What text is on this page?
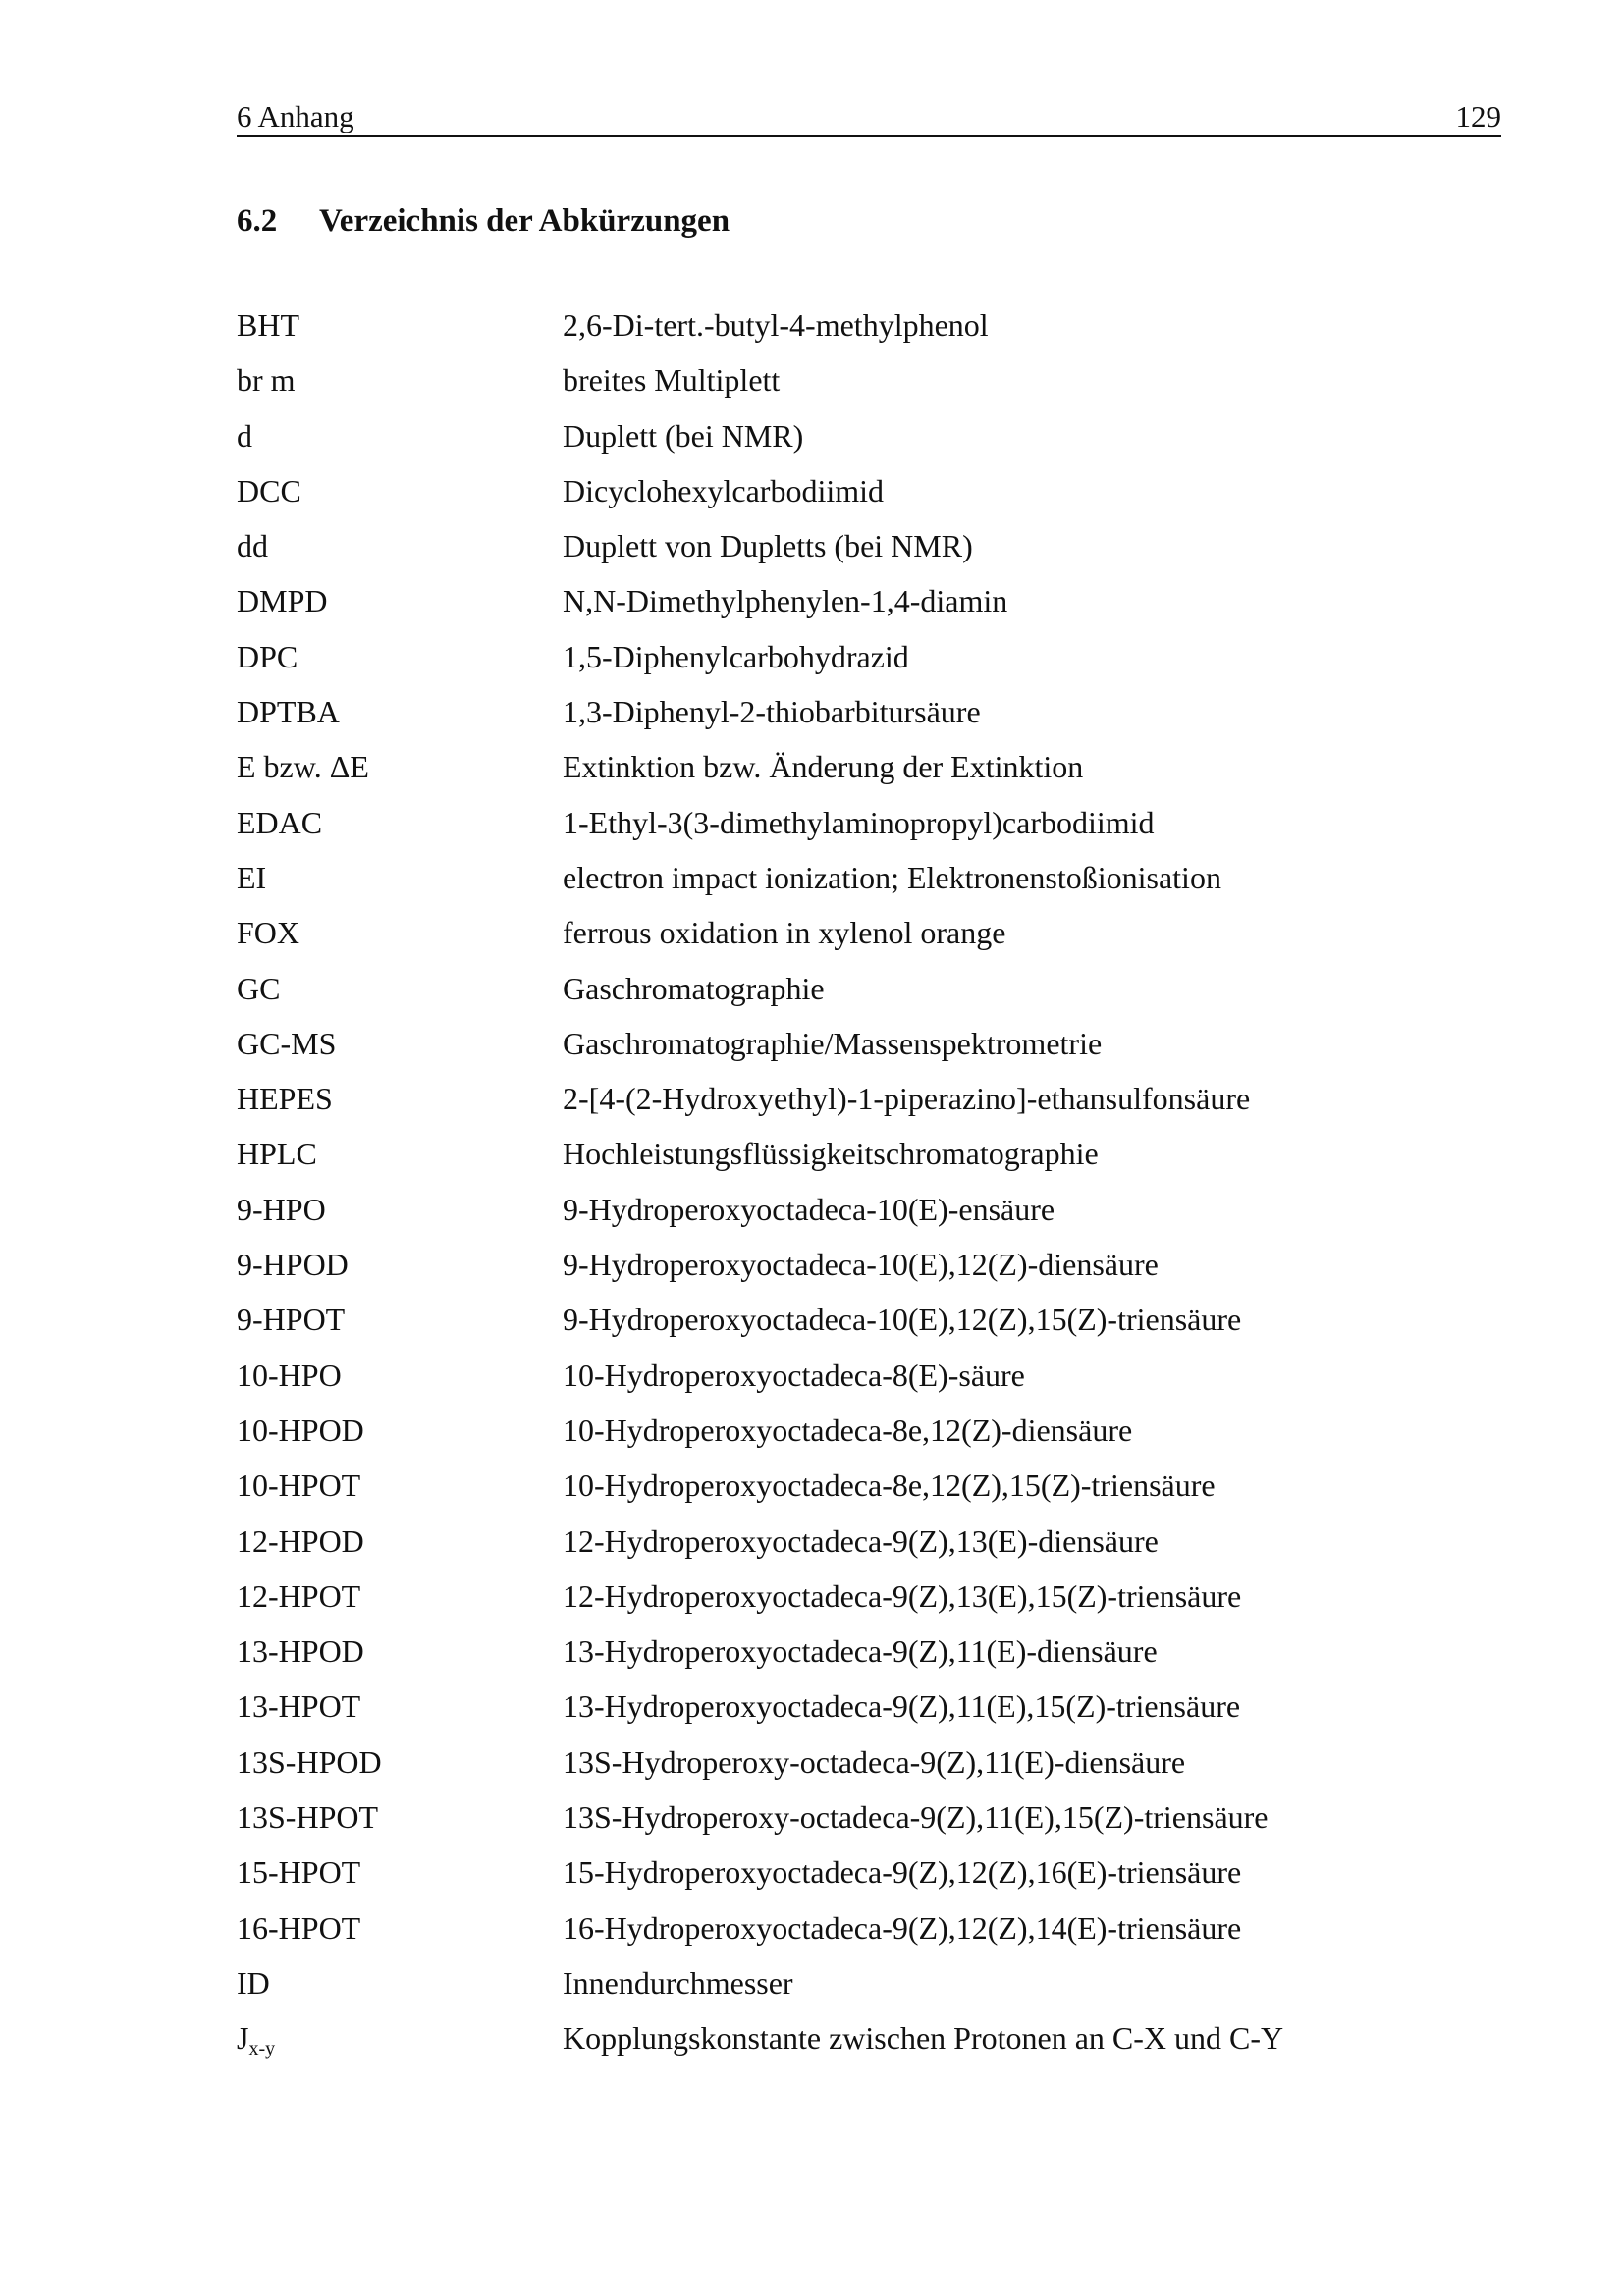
6 Anhang	129
6.2 Verzeichnis der Abkürzungen
BHT	2,6-Di-tert.-butyl-4-methylphenol
br m	breites Multiplett
d	Duplett (bei NMR)
DCC	Dicyclohexylcarbodiimid
dd	Duplett von Dupletts (bei NMR)
DMPD	N,N-Dimethylphenylen-1,4-diamin
DPC	1,5-Diphenylcarbohydrazid
DPTBA	1,3-Diphenyl-2-thiobarbitursäure
E bzw. ΔE	Extinktion bzw. Änderung der Extinktion
EDAC	1-Ethyl-3(3-dimethylaminopropyl)carbodiimid
EI	electron impact ionization; Elektronenstoßionisation
FOX	ferrous oxidation in xylenol orange
GC	Gaschromatographie
GC-MS	Gaschromatographie/Massenspektrometrie
HEPES	2-[4-(2-Hydroxyethyl)-1-piperazino]-ethansulfonsäure
HPLC	Hochleistungsflüssigkeitschromatographie
9-HPO	9-Hydroperoxyoctadeca-10(E)-ensäure
9-HPOD	9-Hydroperoxyoctadeca-10(E),12(Z)-diensäure
9-HPOT	9-Hydroperoxyoctadeca-10(E),12(Z),15(Z)-triensäure
10-HPO	10-Hydroperoxyoctadeca-8(E)-säure
10-HPOD	10-Hydroperoxyoctadeca-8e,12(Z)-diensäure
10-HPOT	10-Hydroperoxyoctadeca-8e,12(Z),15(Z)-triensäure
12-HPOD	12-Hydroperoxyoctadeca-9(Z),13(E)-diensäure
12-HPOT	12-Hydroperoxyoctadeca-9(Z),13(E),15(Z)-triensäure
13-HPOD	13-Hydroperoxyoctadeca-9(Z),11(E)-diensäure
13-HPOT	13-Hydroperoxyoctadeca-9(Z),11(E),15(Z)-triensäure
13S-HPOD	13S-Hydroperoxy-octadeca-9(Z),11(E)-diensäure
13S-HPOT	13S-Hydroperoxy-octadeca-9(Z),11(E),15(Z)-triensäure
15-HPOT	15-Hydroperoxyoctadeca-9(Z),12(Z),16(E)-triensäure
16-HPOT	16-Hydroperoxyoctadeca-9(Z),12(Z),14(E)-triensäure
ID	Innendurchmesser
$J_{x-y}$	Kopplungskonstante zwischen Protonen an C-X und C-Y
